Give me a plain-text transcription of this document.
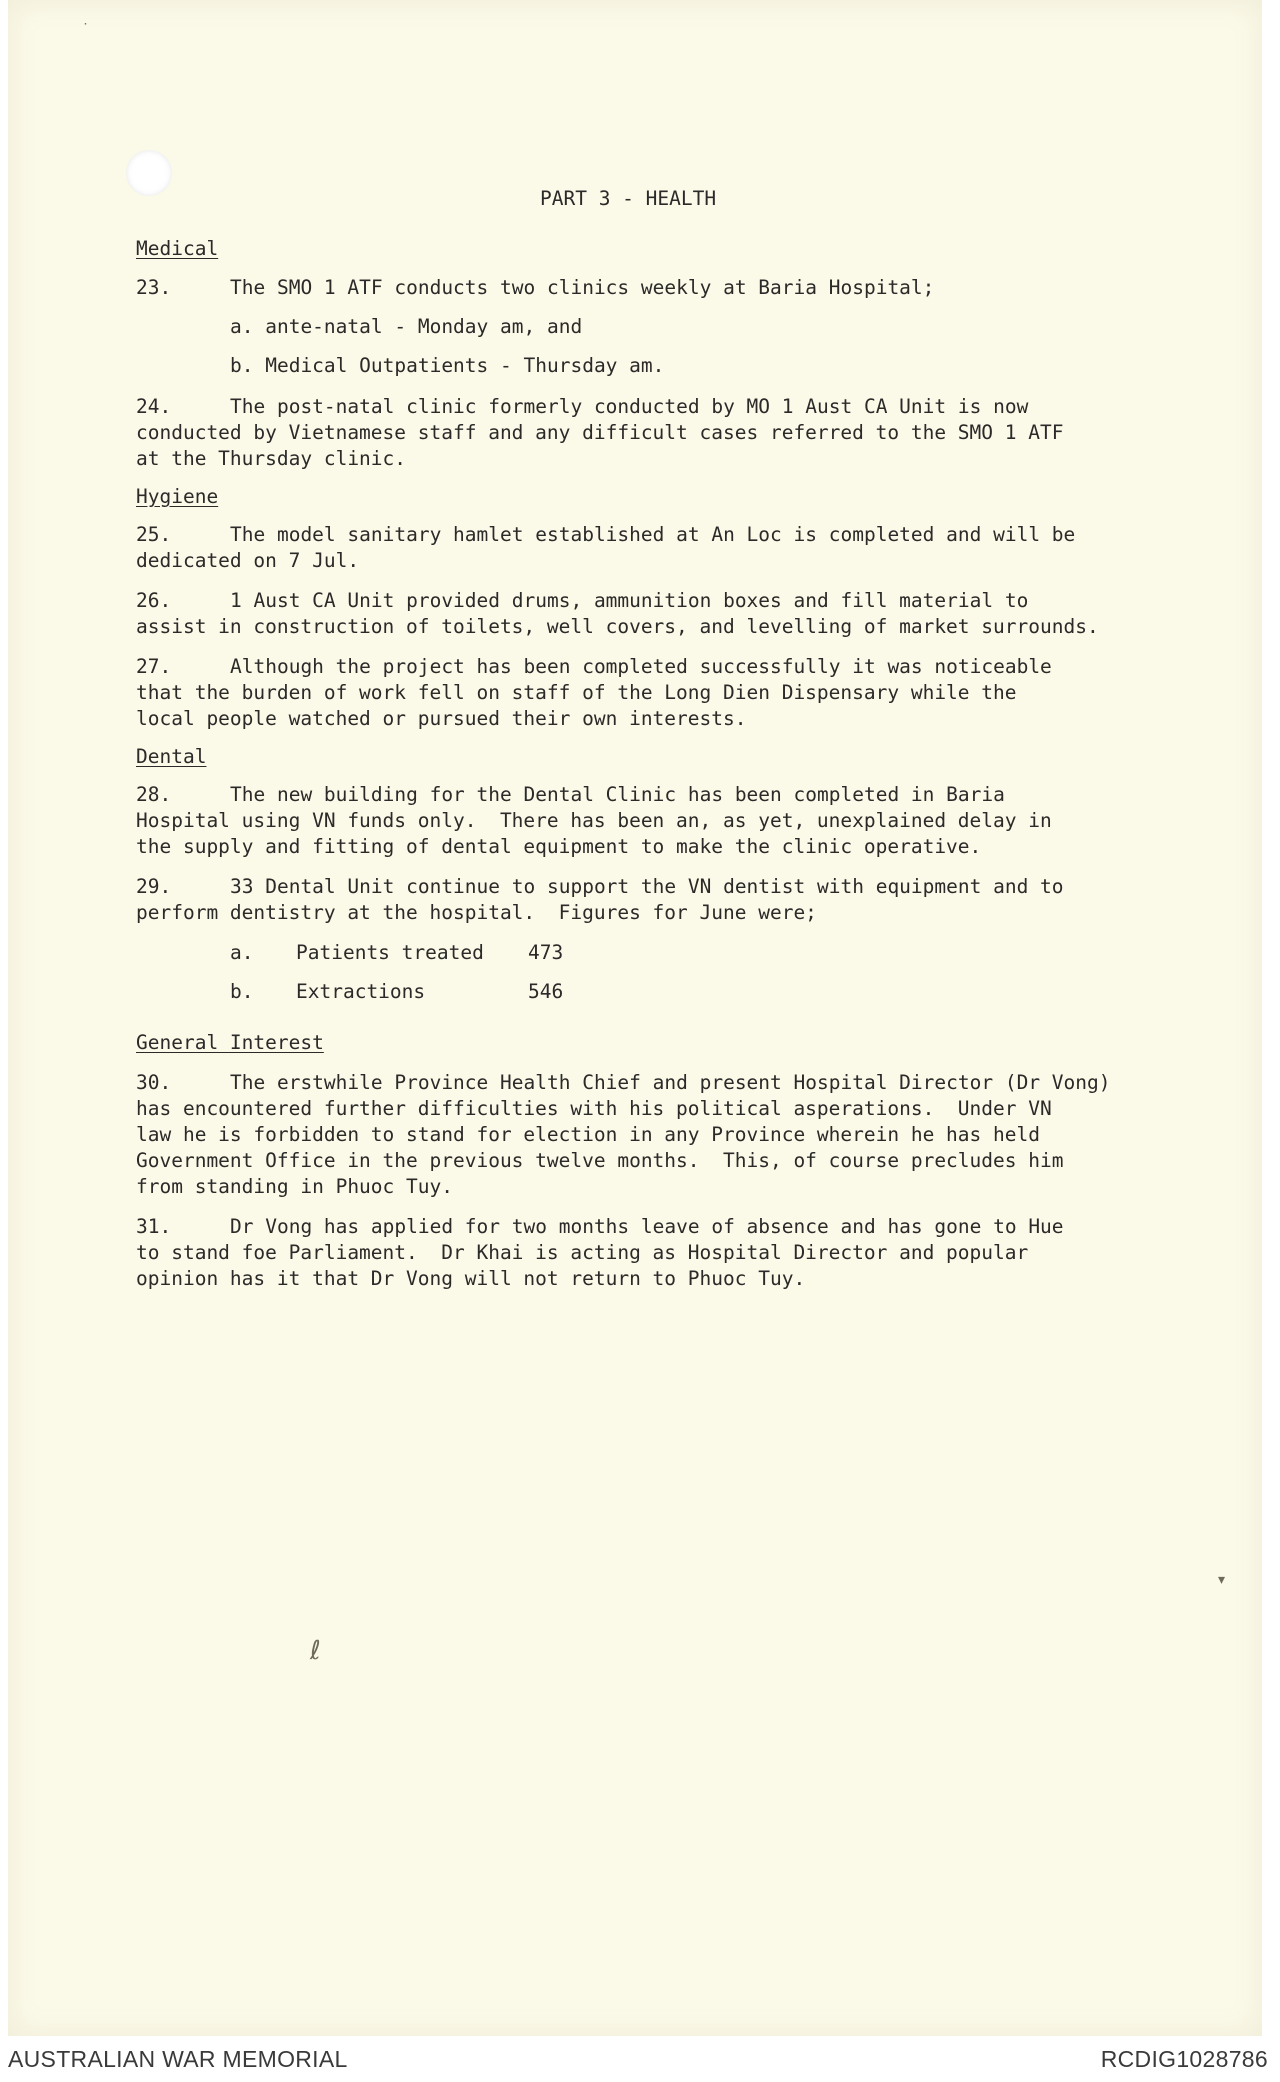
˙
▾
ℓ
PART 3 - HEALTH
Medical
23.	The SMO 1 ATF conducts two clinics weekly at Baria Hospital;
a. ante-natal - Monday am, and
b. Medical Outpatients - Thursday am.
24.	The post-natal clinic formerly conducted by MO 1 Aust CA Unit is now
conducted by Vietnamese staff and any difficult cases referred to the SMO 1 ATF
at the Thursday clinic.
Hygiene
25.	The model sanitary hamlet established at An Loc is completed and will be
dedicated on 7 Jul.
26.	1 Aust CA Unit provided drums, ammunition boxes and fill material to
assist in construction of toilets, well covers, and levelling of market surrounds.
27.	Although the project has been completed successfully it was noticeable
that the burden of work fell on staff of the Long Dien Dispensary while the
local people watched or pursued their own interests.
Dental
28.	The new building for the Dental Clinic has been completed in Baria
Hospital using VN funds only.  There has been an, as yet, unexplained delay in
the supply and fitting of dental equipment to make the clinic operative.
29.	33 Dental Unit continue to support the VN dentist with equipment and to
perform dentistry at the hospital.  Figures for June were;
a. Patients treated 473
b. Extractions	546
General Interest
30.	The erstwhile Province Health Chief and present Hospital Director (Dr Vong)
has encountered further difficulties with his political asperations.  Under VN
law he is forbidden to stand for election in any Province wherein he has held
Government Office in the previous twelve months.  This, of course precludes him
from standing in Phuoc Tuy.
31.	Dr Vong has applied for two months leave of absence and has gone to Hue
to stand foe Parliament.  Dr Khai is acting as Hospital Director and popular
opinion has it that Dr Vong will not return to Phuoc Tuy.
AUSTRALIAN WAR MEMORIAL	RCDIG1028786
